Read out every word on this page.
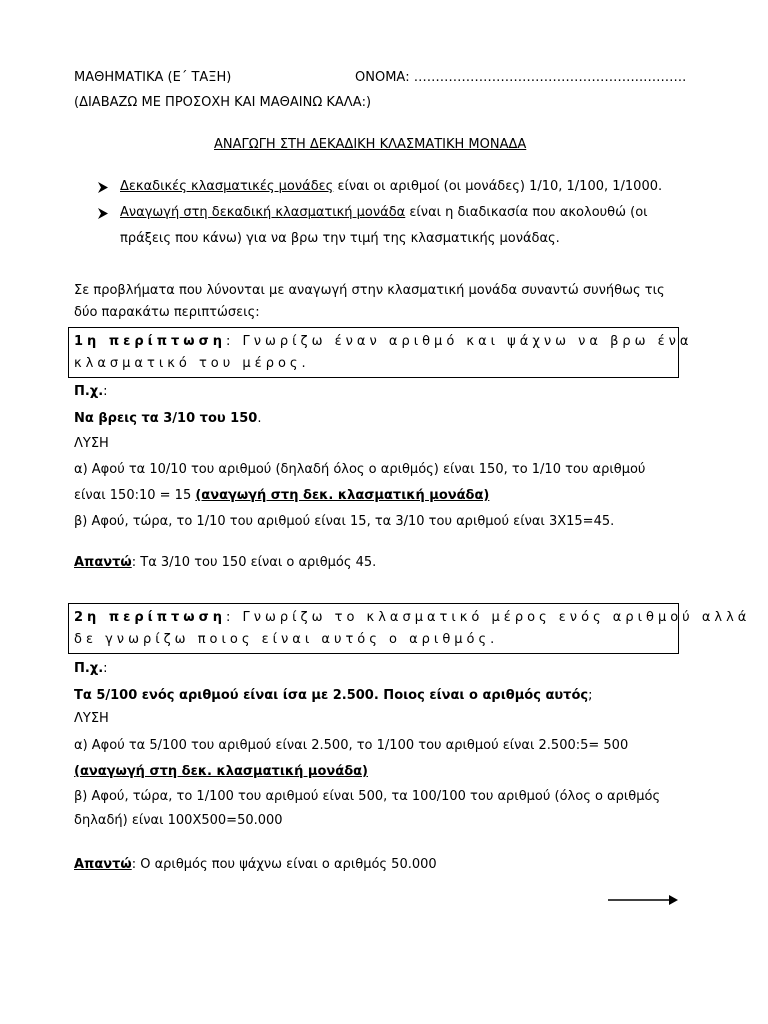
ΜΑΘΗΜΑΤΙΚΑ (Ε΄ ΤΑΞΗ)	ΟΝΟΜΑ: ……………………………………………..……….
(ΔΙΑΒΑΖΩ ΜΕ ΠΡΟΣΟΧΗ ΚΑΙ ΜΑΘΑΙΝΩ ΚΑΛΑ:)
ΑΝΑΓΩΓΗ ΣΤΗ ΔΕΚΑΔΙΚΗ ΚΛΑΣΜΑΤΙΚΗ ΜΟΝΑΔΑ
Δεκαδικές κλασματικές μονάδες είναι οι αριθμοί (οι μονάδες) 1/10, 1/100, 1/1000.
Αναγωγή στη δεκαδική κλασματική μονάδα είναι η διαδικασία που ακολουθώ (οι
πράξεις που κάνω) για να βρω την τιμή της κλασματικής μονάδας.
Σε προβλήματα που λύνονται με αναγωγή στην κλασματική μονάδα συναντώ συνήθως τις
δύο παρακάτω περιπτώσεις:
1η περίπτωση: Γνωρίζω έναν αριθμό και ψάχνω να βρω ένα
κλασματικό του μέρος.
Π.χ.:
Να βρεις τα 3/10 του 150.
ΛΥΣΗ
α) Αφού τα 10/10 του αριθμού (δηλαδή όλος ο αριθμός) είναι 150, το 1/10 του αριθμού
είναι 150:10 = 15 (αναγωγή στη δεκ. κλασματική μονάδα)
β) Αφού, τώρα, το 1/10 του αριθμού είναι 15, τα 3/10 του αριθμού είναι 3Χ15=45.
Απαντώ: Τα 3/10 του 150 είναι ο αριθμός 45.
2η περίπτωση: Γνωρίζω το κλασματικό μέρος ενός αριθμού αλλά
δε γνωρίζω ποιος είναι αυτός ο αριθμός.
Π.χ.:
Τα 5/100 ενός αριθμού είναι ίσα με 2.500. Ποιος είναι ο αριθμός αυτός;
ΛΥΣΗ
α) Αφού τα 5/100 του αριθμού είναι 2.500, το 1/100 του αριθμού είναι 2.500:5= 500
(αναγωγή στη δεκ. κλασματική μονάδα)
β) Αφού, τώρα, το 1/100 του αριθμού είναι 500, τα 100/100 του αριθμού (όλος ο αριθμός
δηλαδή) είναι 100Χ500=50.000
Απαντώ: Ο αριθμός που ψάχνω είναι ο αριθμός 50.000
